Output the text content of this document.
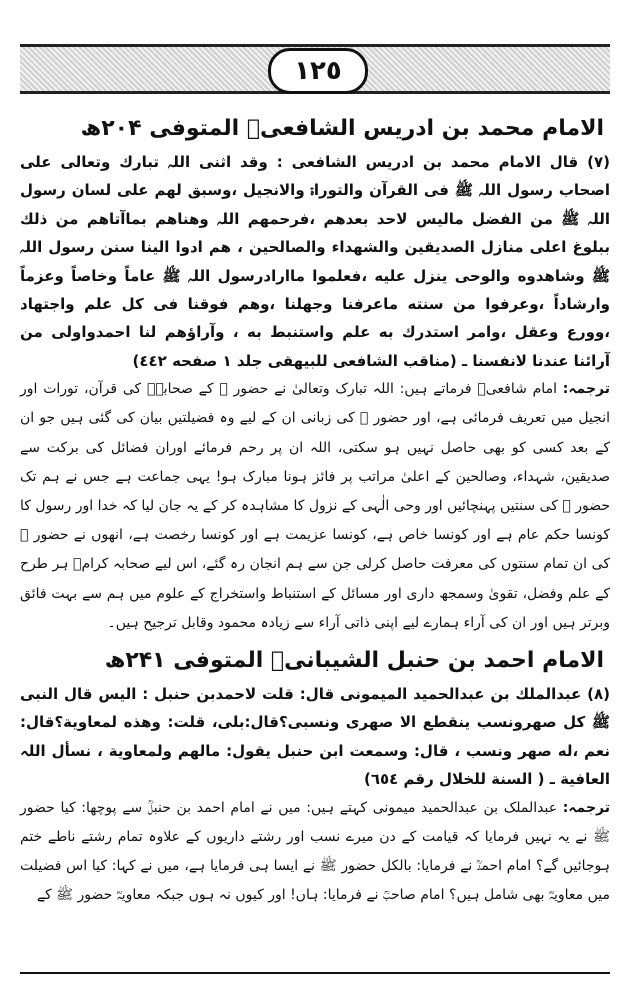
١٢٥
الامام محمد بن ادریس الشافعیؒ المتوفی ۲۰۴ھ

(٧) قال الامام محمد بن ادریس الشافعی : وقد اثنی اللہ تبارك وتعالى على اصحاب رسول اللہ ﷺ فی القرآن والتوراۃ والانجیل ،وسبق لهم على لسان رسول اللہ ﷺ من الفضل ماليس لاحد بعدهم ،فرحمهم اللہ وهناهم بماآتاهم من ذلك ببلوغ اعلى منازل الصديقين والشهداء والصالحين ، هم ادوا الينا سنن رسول اللہ ﷺ وشاهدوه والوحی ينزل عليه ،فعلموا ماارادرسول اللہ ﷺ عاماً وخاصاً وعزماً وارشاداً ،وعرفوا من سنته ماعرفنا وجهلنا ،وهم فوقنا فی كل علم واجتهاد ،وورع وعقل ،وامر استدرك به علم واستنبط به ، وآراؤهم لنا احمدواولى من آرائنا عندنا لانفسنا ـ (مناقب الشافعی للبيهقی جلد ١ صفحه ٤٤٢)

ترجمہ: امام شافعیؒ فرماتے ہیں: اللہ تبارک وتعالیٰ نے حضور ﷺ کے صحابہؓ کی قرآن، تورات اور انجیل میں تعریف فرمائی ہے، اور حضور ﷺ کی زبانی ان کے لیے وہ فضیلتیں بیان کی گئی ہیں جو ان کے بعد کسی کو بھی حاصل نہیں ہو سکتی، اللہ ان پر رحم فرمائے اوران فضائل کی برکت سے صدیقین، شہداء، وصالحین کے اعلیٰ مراتب پر فائز ہونا مبارک ہو! یہی جماعت ہے جس نے ہم تک حضور ﷺ کی سنتیں پہنچائیں اور وحی الٰہی کے نزول کا مشاہدہ کر کے یہ جان لیا کہ خدا اور رسول کا کونسا حکم عام ہے اور کونسا خاص ہے، کونسا عزیمت ہے اور کونسا رخصت ہے، انھوں نے حضور ﷺ کی ان تمام سنتوں کی معرفت حاصل کرلی جن سے ہم انجان رہ گئے، اس لیے صحابہ کرامؓ ہر طرح کے علم وفضل، تقویٰ وسمجھ داری اور مسائل کے استنباط واستخراج کے علوم میں ہم سے بہت فائق وبرتر ہیں اور ان کی آراء ہمارے لیے اپنی ذاتی آراء سے زیادہ محمود وقابل ترجیح ہیں۔

الامام احمد بن حنبل الشیبانیؒ المتوفی ۲۴۱ھ

(٨) عبدالملك بن عبدالحميد الميمونی قال: قلت لاحمدبن حنبل : اليس قال النبی ﷺ كل صهرونسب ينقطع الا صهری ونسبی؟قال:بلى، قلت: وهذه لمعاوية؟قال: نعم ،له صهر ونسب ، قال: وسمعت ابن حنبل يقول: مالهم ولمعاوية ، نسأل اللہ العافية ـ ( السنة للخلال رقم ٦٥٤)

ترجمہ: عبدالملک بن عبدالحمید میمونی کہتے ہیں: میں نے امام احمد بن حنبلؒ سے پوچھا: کیا حضور ﷺ نے یہ نہیں فرمایا کہ قیامت کے دن میرے نسب اور رشتے داریوں کے علاوہ تمام رشتے ناطے ختم ہوجائیں گے؟ امام احمدؒ نے فرمایا: بالکل حضور ﷺ نے ایسا ہی فرمایا ہے، میں نے کہا: کیا اس فضیلت میں معاویہؓ بھی شامل ہیں؟ امام صاحبؒ نے فرمایا: ہاں! اور کیوں نہ ہوں جبکہ معاویہؓ حضور ﷺ کے
